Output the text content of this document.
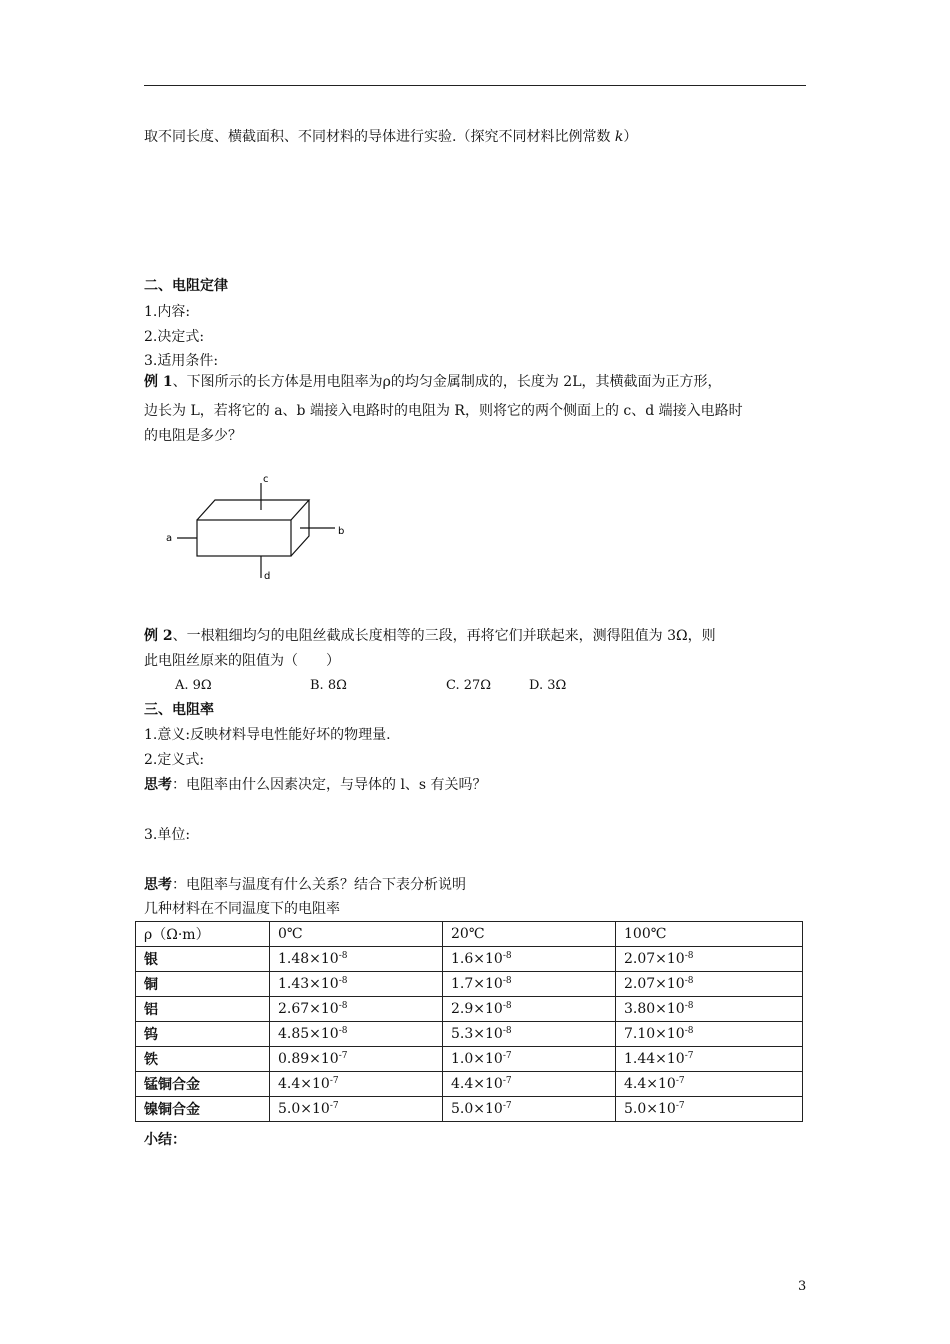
取不同长度、横截面积、不同材料的导体进行实验.（探究不同材料比例常数 k）
二、电阻定律
1.内容:
2.决定式:
3.适用条件:
例 1、下图所示的长方体是用电阻率为ρ的均匀金属制成的，长度为 2L，其横截面为正方形，
边长为 L，若将它的 a、b 端接入电路时的电阻为 R，则将它的两个侧面上的 c、d 端接入电路时
的电阻是多少？
a
b
c
d
例 2、一根粗细均匀的电阻丝截成长度相等的三段，再将它们并联起来，测得阻值为 3Ω，则
此电阻丝原来的阻值为（　　）
A. 9Ω	B. 8Ω	C. 27Ω	D. 3Ω
三、电阻率
1.意义:反映材料导电性能好坏的物理量.
2.定义式:
思考：电阻率由什么因素决定，与导体的 l、s 有关吗？
3.单位:
思考：电阻率与温度有什么关系？结合下表分析说明
几种材料在不同温度下的电阻率
ρ（Ω·m）	0℃	20℃	100℃
银	$1.48\times 10^{-8}$	$1.6\times 10^{-8}$	$2.07\times 10^{-8}$
铜	$1.43\times 10^{-8}$	$1.7\times 10^{-8}$	$2.07\times 10^{-8}$
铝	$2.67\times 10^{-8}$	$2.9\times 10^{-8}$	$3.80\times 10^{-8}$
钨	$4.85\times 10^{-8}$	$5.3\times 10^{-8}$	$7.10\times 10^{-8}$
铁	$0.89\times 10^{-7}$	$1.0\times 10^{-7}$	$1.44\times 10^{-7}$
锰铜合金	$4.4\times 10^{-7}$	$4.4\times 10^{-7}$	$4.4\times 10^{-7}$
镍铜合金	$5.0\times 10^{-7}$	$5.0\times 10^{-7}$	$5.0\times 10^{-7}$
小结：
3
